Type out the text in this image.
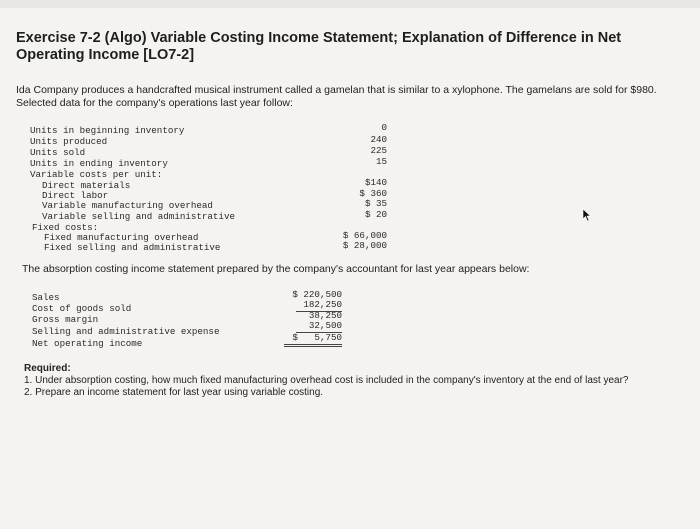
Exercise 7-2 (Algo) Variable Costing Income Statement; Explanation of Difference in Net Operating Income [LO7-2]
Ida Company produces a handcrafted musical instrument called a gamelan that is similar to a xylophone. The gamelans are sold for $980. Selected data for the company's operations last year follow:

Units in beginning inventory

	0

Units produced

	240

Units sold

	225

Units in ending inventory

	15

Variable costs per unit:

Direct materials

	$140

Direct labor

	$ 360

Variable manufacturing overhead

	$ 35

Variable selling and administrative

	$ 20

Fixed costs:

Fixed manufacturing overhead

	$ 66,000

Fixed selling and administrative

	$ 28,000

The absorption costing income statement prepared by the company's accountant for last year appears below:

Sales

	$ 220,500

Cost of goods sold

	182,250

Gross margin

	38,250

Selling and administrative expense

32,500

Net operating income

$   5,750

Required:
1. Under absorption costing, how much fixed manufacturing overhead cost is included in the company's inventory at the end of last year?
2. Prepare an income statement for last year using variable costing.
